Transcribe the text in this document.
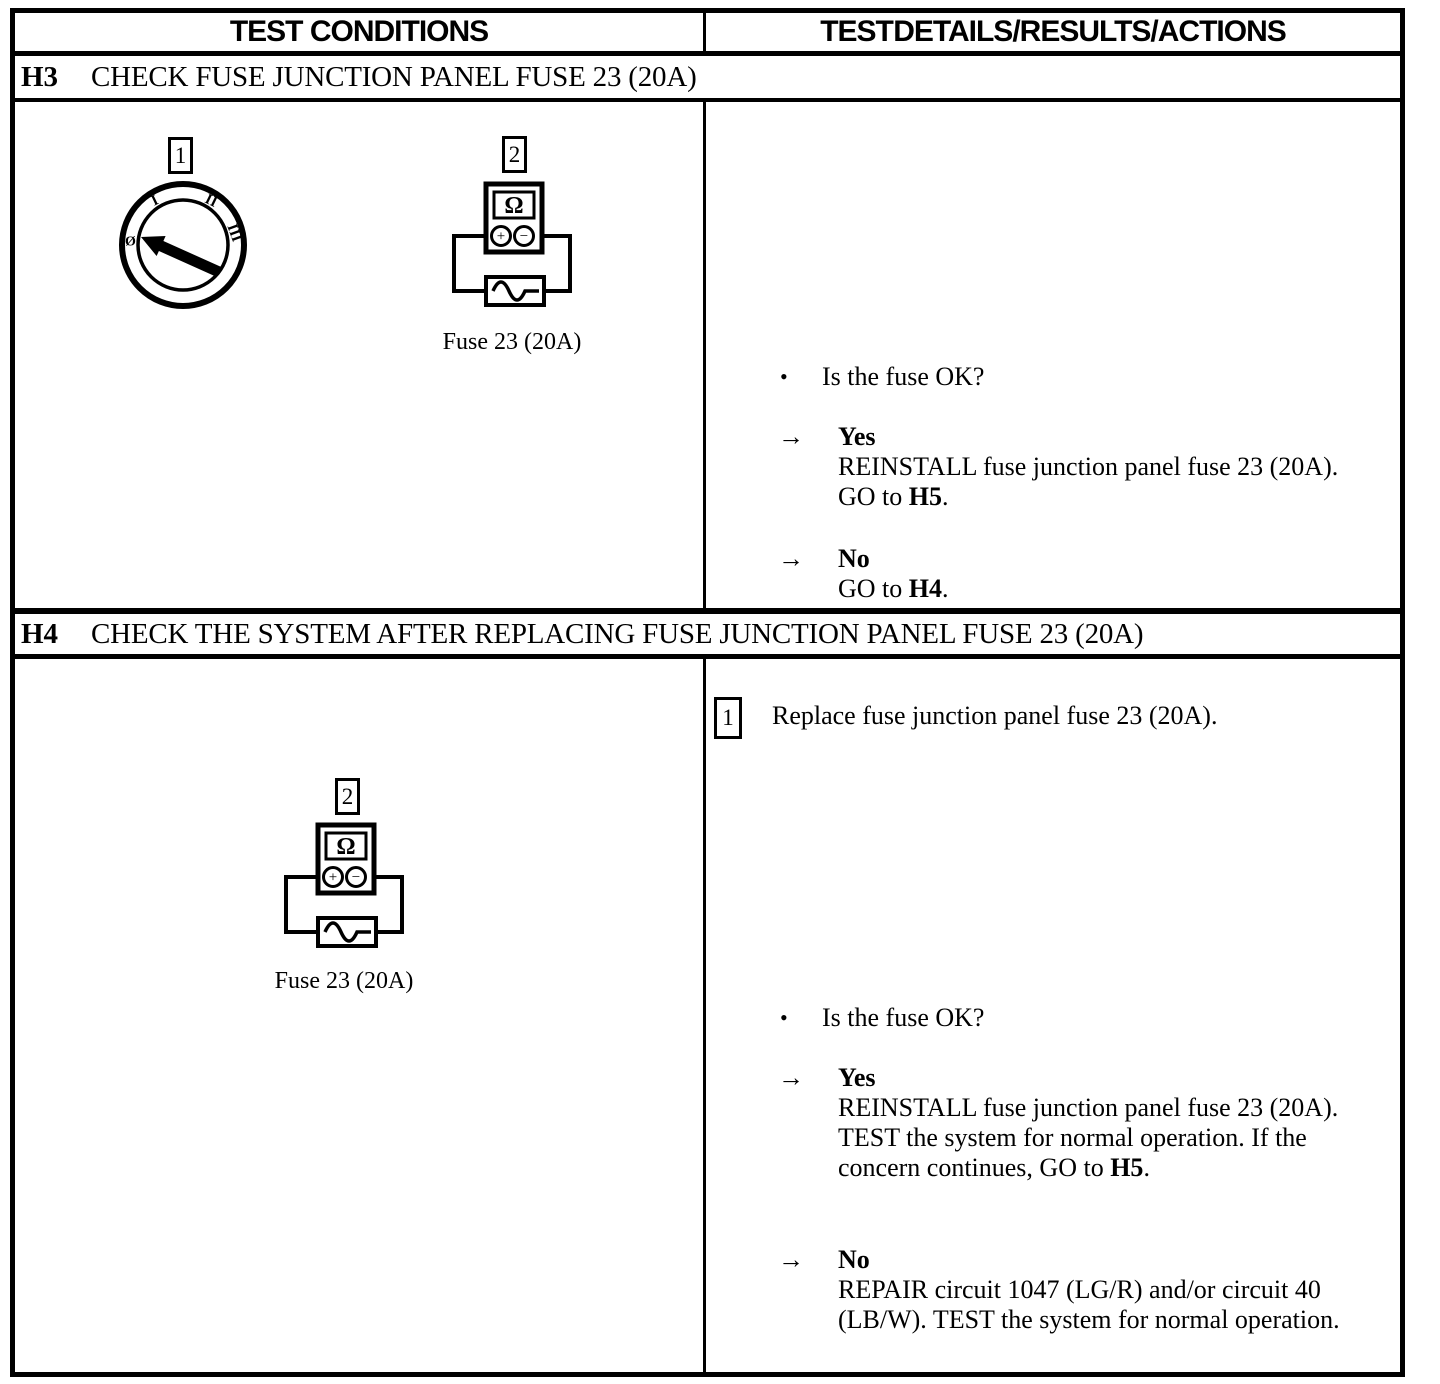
TEST CONDITIONS	TEST DETAILS/RESULTS/ACTIONS
H3	CHECK FUSE JUNCTION PANEL FUSE 23 (20A)
1
Ø
I	II
III
2
Ω
+ −
Fuse 23 (20A)
•	Is the fuse OK?
→	Yes
REINSTALL fuse junction panel fuse 23 (20A). GO to H5.
→	No
GO to H4.
H4	CHECK THE SYSTEM AFTER REPLACING FUSE JUNCTION PANEL FUSE 23 (20A)
2
Ω
+ −
Fuse 23 (20A)
1 Replace fuse junction panel fuse 23 (20A).
•	Is the fuse OK?
→	Yes
REINSTALL fuse junction panel fuse 23 (20A). TEST the system for normal operation. If the concern continues, GO to H5.
→	No
REPAIR circuit 1047 (LG/R) and/or circuit 40 (LB/W). TEST the system for normal operation.
